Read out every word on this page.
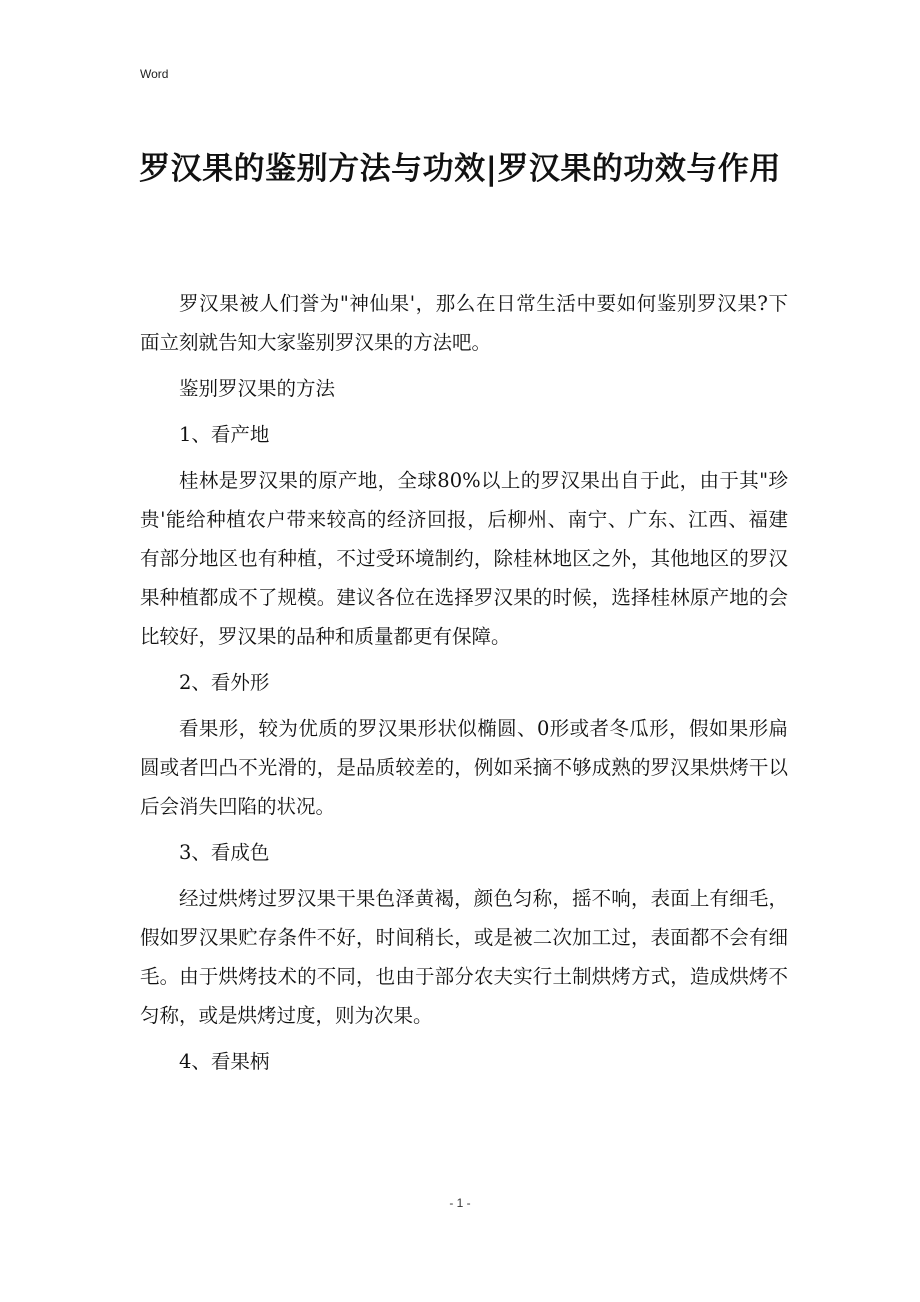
Word
罗汉果的鉴别方法与功效|罗汉果的功效与作用

罗汉果被人们誉为"神仙果'，那么在日常生活中要如何鉴别罗汉果?下面立刻就告知大家鉴别罗汉果的方法吧。

鉴别罗汉果的方法

1、看产地

桂林是罗汉果的原产地，全球80%以上的罗汉果出自于此，由于其"珍贵'能给种植农户带来较高的经济回报，后柳州、南宁、广东、江西、福建有部分地区也有种植，不过受环境制约，除桂林地区之外，其他地区的罗汉果种植都成不了规模。建议各位在选择罗汉果的时候，选择桂林原产地的会比较好，罗汉果的品种和质量都更有保障。

2、看外形

看果形，较为优质的罗汉果形状似椭圆、0形或者冬瓜形，假如果形扁圆或者凹凸不光滑的，是品质较差的，例如采摘不够成熟的罗汉果烘烤干以后会消失凹陷的状况。

3、看成色

经过烘烤过罗汉果干果色泽黄褐，颜色匀称，摇不响，表面上有细毛，假如罗汉果贮存条件不好，时间稍长，或是被二次加工过，表面都不会有细毛。由于烘烤技术的不同，也由于部分农夫实行土制烘烤方式，造成烘烤不匀称，或是烘烤过度，则为次果。

4、看果柄

- 1 -
